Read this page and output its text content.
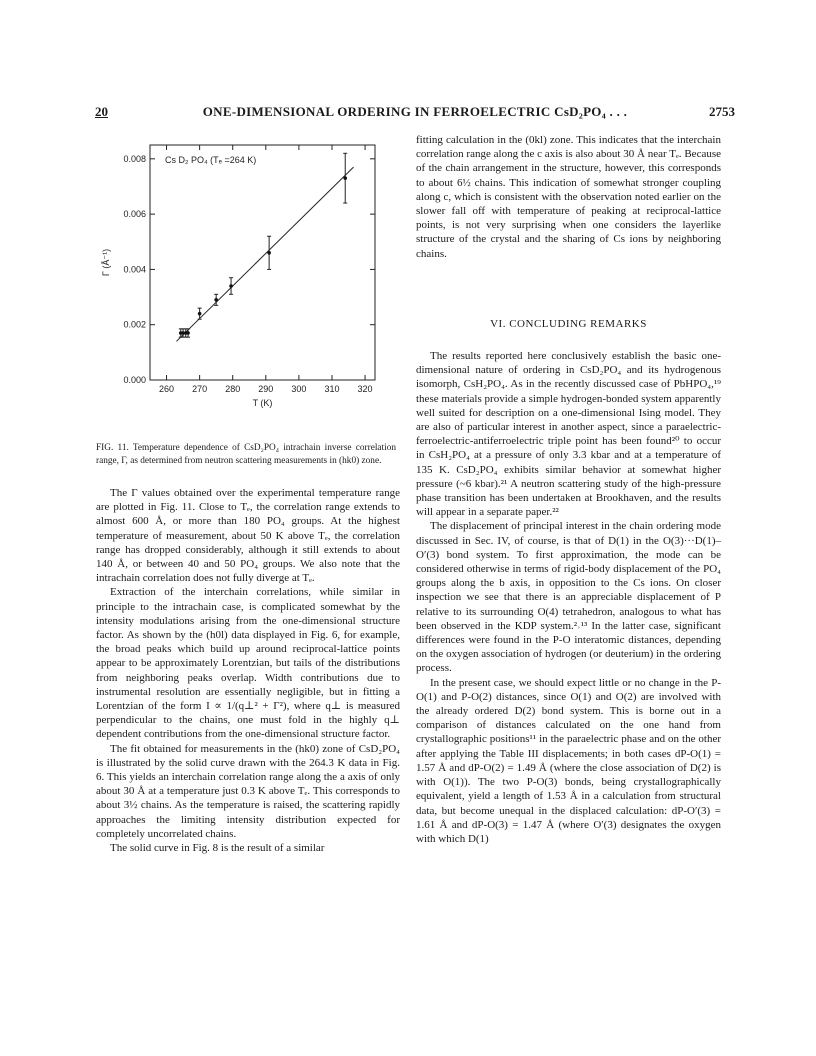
20	ONE-DIMENSIONAL ORDERING IN FERROELECTRIC CsD₂PO₄ . . .	2753
260 270 280 290 300 310 320
0.000
0.002
0.004
0.006
0.008
T (K)
Γ (Å⁻¹)
Cs D₂ PO₄ (Tₑ =264 K)
FIG. 11. Temperature dependence of CsD₂PO₄ intrachain inverse correlation range, Γ, as determined from neutron scattering measurements in (hk0) zone.

The Γ values obtained over the experimental temperature range are plotted in Fig. 11. Close to Tₑ, the correlation range extends to almost 600 Å, or more than 180 PO₄ groups. At the highest temperature of measurement, about 50 K above Tₑ, the correlation range has dropped considerably, although it still extends to about 140 Å, or between 40 and 50 PO₄ groups. We also note that the intrachain correlation does not fully diverge at Tₑ.

Extraction of the interchain correlations, while similar in principle to the intrachain case, is complicated somewhat by the intensity modulations arising from the one-dimensional structure factor. As shown by the (h0l) data displayed in Fig. 6, for example, the broad peaks which build up around reciprocal-lattice points appear to be approximately Lorentzian, but tails of the distributions from neighboring peaks overlap. Width contributions due to instrumental resolution are essentially negligible, but in fitting a Lorentzian of the form I ∝ 1/(q⊥² + Γ²), where q⊥ is measured perpendicular to the chains, one must fold in the highly q⊥ dependent contributions from the one-dimensional structure factor.

The fit obtained for measurements in the (hk0) zone of CsD₂PO₄ is illustrated by the solid curve drawn with the 264.3 K data in Fig. 6. This yields an interchain correlation range along the a axis of only about 30 Å at a temperature just 0.3 K above Tₑ. This corresponds to about 3½ chains. As the temperature is raised, the scattering rapidly approaches the limiting intensity distribution expected for completely uncorrelated chains.

The solid curve in Fig. 8 is the result of a similar

fitting calculation in the (0kl) zone. This indicates that the interchain correlation range along the c axis is also about 30 Å near Tₑ. Because of the chain arrangement in the structure, however, this corresponds to about 6½ chains. This indication of somewhat stronger coupling along c, which is consistent with the observation noted earlier on the slower fall off with temperature of peaking at reciprocal-lattice points, is not very surprising when one considers the layerlike structure of the crystal and the sharing of Cs ions by neighboring chains.

VI. CONCLUDING REMARKS

The results reported here conclusively establish the basic one-dimensional nature of ordering in CsD₂PO₄ and its hydrogenous isomorph, CsH₂PO₄. As in the recently discussed case of PbHPO₄,¹⁹ these materials provide a simple hydrogen-bonded system apparently well suited for description on a one-dimensional Ising model. They are also of particular interest in another aspect, since a paraelectric-ferroelectric-antiferroelectric triple point has been found²⁰ to occur in CsH₂PO₄ at a pressure of only 3.3 kbar and at a temperature of 135 K. CsD₂PO₄ exhibits similar behavior at somewhat higher pressure (~6 kbar).²¹ A neutron scattering study of the high-pressure phase transition has been undertaken at Brookhaven, and the results will appear in a separate paper.²²

The displacement of principal interest in the chain ordering mode discussed in Sec. IV, of course, is that of D(1) in the O(3)···D(1)–O′(3) bond system. To first approximation, the mode can be considered otherwise in terms of rigid-body displacement of the PO₄ groups along the b axis, in opposition to the Cs ions. On closer inspection we see that there is an appreciable displacement of P relative to its surrounding O(4) tetrahedron, analogous to what has been observed in the KDP system.²˒¹³ In the latter case, significant differences were found in the P-O interatomic distances, depending on the oxygen association of hydrogen (or deuterium) in the ordering process.

In the present case, we should expect little or no change in the P-O(1) and P-O(2) distances, since O(1) and O(2) are involved with the already ordered D(2) bond system. This is borne out in a comparison of distances calculated on the one hand from crystallographic positions¹¹ in the paraelectric phase and on the other after applying the Table III displacements; in both cases dP-O(1) = 1.57 Å and dP-O(2) = 1.49 Å (where the close association of D(2) is with O(1)). The two P-O(3) bonds, being crystallographically equivalent, yield a length of 1.53 Å in a calculation from structural data, but become unequal in the displaced calculation: dP-O′(3) = 1.61 Å and dP-O(3) = 1.47 Å (where O′(3) designates the oxygen with which D(1)
